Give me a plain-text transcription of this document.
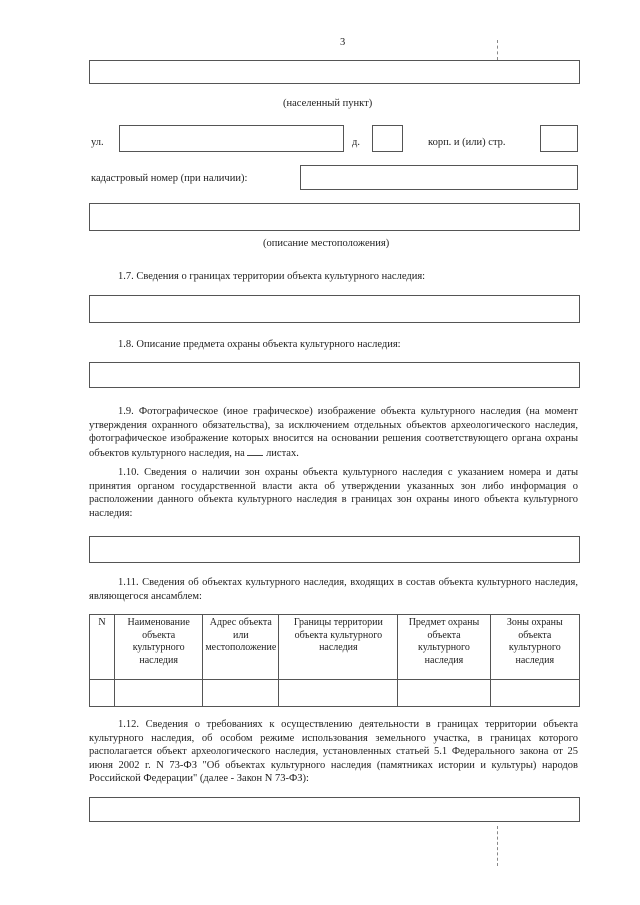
3
(населенный пункт)
ул.	д.	корп. и (или) стр.
кадастровый номер (при наличии):
(описание местоположения)
1.7. Сведения о границах территории объекта культурного наследия:
1.8. Описание предмета охраны объекта культурного наследия:
1.9. Фотографическое (иное графическое) изображение объекта культурного наследия (на момент утверждения охранного обязательства), за исключением отдельных объектов археологического наследия, фотографическое изображение которых вносится на основании решения соответствующего органа охраны объектов культурного наследия, на листах.
1.10. Сведения о наличии зон охраны объекта культурного наследия с указанием номера и даты принятия органом государственной власти акта об утверждении указанных зон либо информация о расположении данного объекта культурного наследия в границах зон охраны иного объекта культурного наследия:
1.11. Сведения об объектах культурного наследия, входящих в состав объекта культурного наследия, являющегося ансамблем:
N	Наименование объекта культурного наследия	Адрес объекта или местоположение	Границы территории объекта культурного наследия	Предмет охраны объекта культурного наследия	Зоны охраны объекта культурного наследия

1.12. Сведения о требованиях к осуществлению деятельности в границах территории объекта культурного наследия, об особом режиме использования земельного участка, в границах которого располагается объект археологического наследия, установленных статьей 5.1 Федерального закона от 25 июня 2002 г. N 73-ФЗ "Об объектах культурного наследия (памятниках истории и культуры) народов Российской Федерации" (далее - Закон N 73-ФЗ):
